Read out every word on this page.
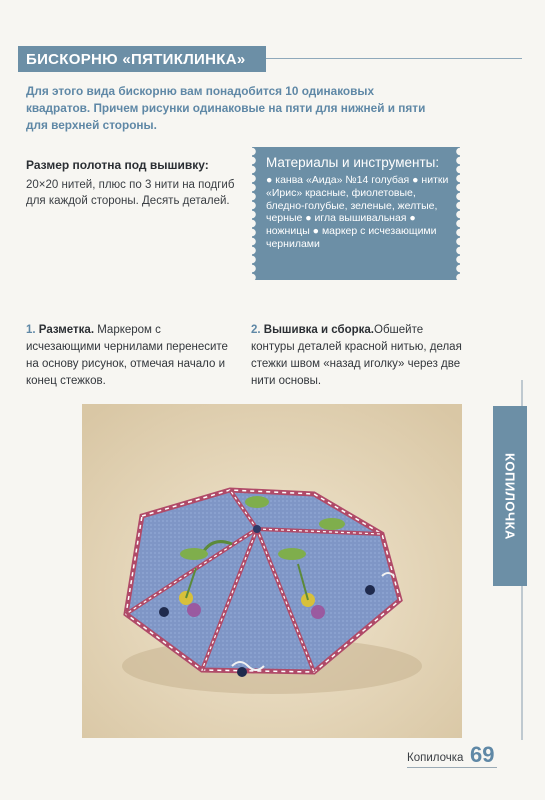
БИСКОРНЮ «ПЯТИКЛИНКА»

Для этого вида бискорню вам понадобится 10 одинаковых квадратов. Причем рисунки одинаковые на пяти для нижней и пяти для верхней стороны.

Размер полотна под вышивку:

20×20 нитей, плюс по 3 нити на подгиб для каждой стороны. Десять деталей.

Материалы и инструменты:

● канва «Аида» №14 голубая ● нитки «Ирис» красные, фиолетовые, бледно-голубые, зеленые, желтые, черные ● игла вышивальная ● ножницы ● маркер с исчезающими чернилами

1. Разметка. Маркером с исчезающими чернилами перенесите на основу рисунок, отмечая начало и конец стежков.

2. Вышивка и сборка.Обшейте контуры деталей красной нитью, делая стежки швом «назад иголку» через две нити основы.

КОПИЛОЧКА
Копилочка 69
